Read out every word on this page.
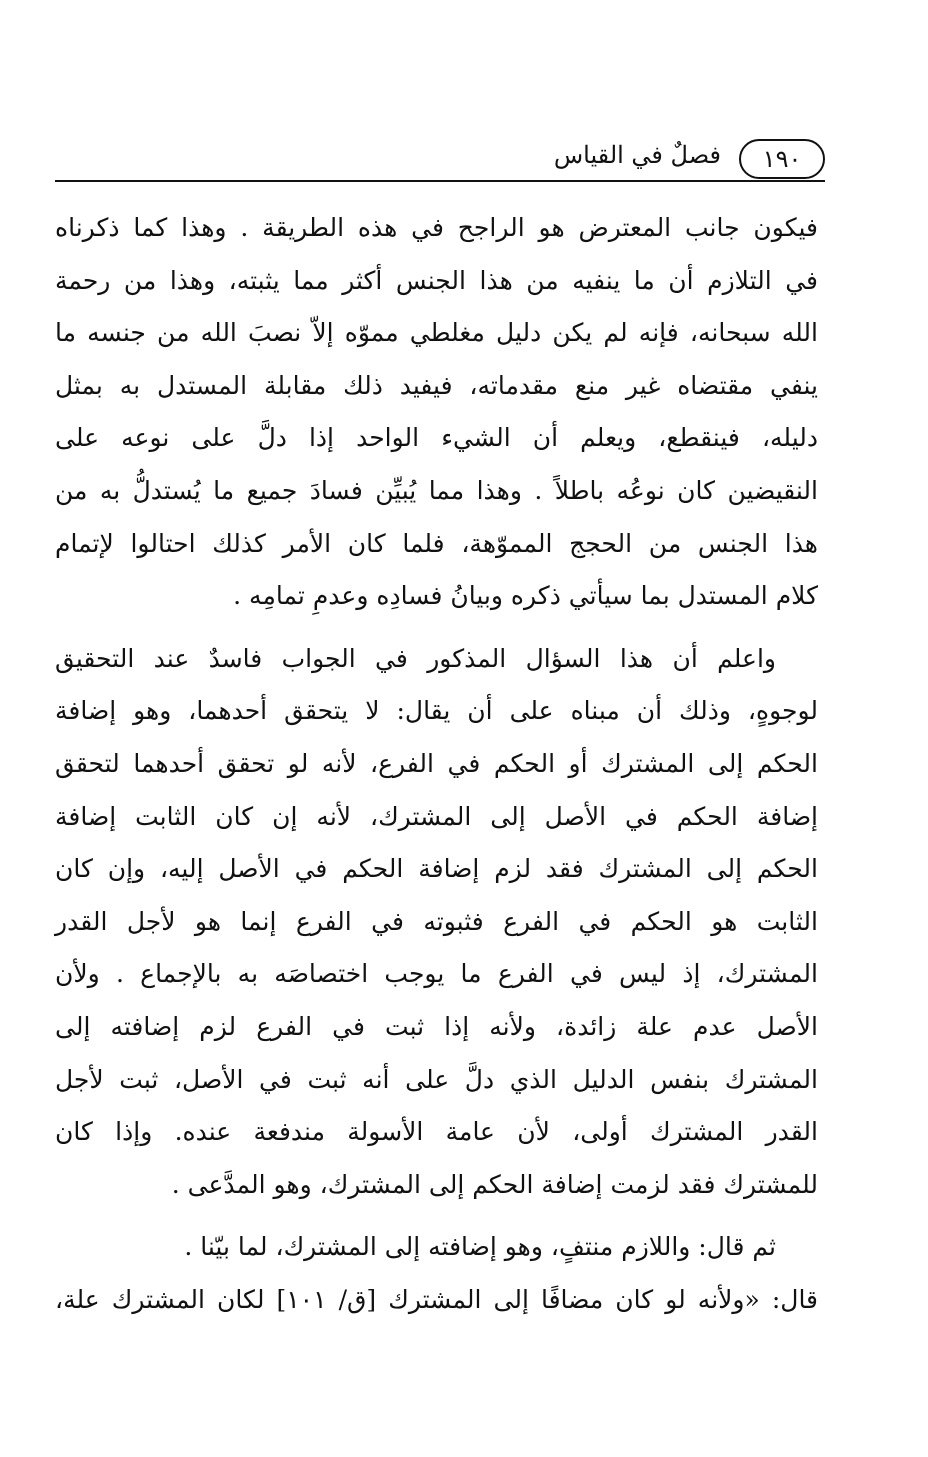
١٩٠
فصلٌ في القياس
فيكون جانب المعترض هو الراجح في هذه الطريقة . وهذا كما ذكرناه
في التلازم أن ما ينفيه من هذا الجنس أكثر مما يثبته، وهذا من رحمة
الله سبحانه، فإنه لم يكن دليل مغلطي مموّه إلاّ نصبَ الله من جنسه ما
ينفي مقتضاه غير منع مقدماته، فيفيد ذلك مقابلة المستدل به بمثل
دليله، فينقطع، ويعلم أن الشيء الواحد إذا دلَّ على نوعه على
النقيضين كان نوعُه باطلاً . وهذا مما يُبيِّن فسادَ جميع ما يُستدلُّ به من
هذا الجنس من الحجج المموّهة، فلما كان الأمر كذلك احتالوا لإتمام
كلام المستدل بما سيأتي ذكره وبيانُ فسادِه وعدمِ تمامِه .
واعلم أن هذا السؤال المذكور في الجواب فاسدٌ عند التحقيق
لوجوهٍ، وذلك أن مبناه على أن يقال: لا يتحقق أحدهما، وهو إضافة
الحكم إلى المشترك أو الحكم في الفرع، لأنه لو تحقق أحدهما لتحقق
إضافة الحكم في الأصل إلى المشترك، لأنه إن كان الثابت إضافة
الحكم إلى المشترك فقد لزم إضافة الحكم في الأصل إليه، وإن كان
الثابت هو الحكم في الفرع فثبوته في الفرع إنما هو لأجل القدر
المشترك، إذ ليس في الفرع ما يوجب اختصاصَه به بالإجماع . ولأن
الأصل عدم علة زائدة، ولأنه إذا ثبت في الفرع لزم إضافته إلى
المشترك بنفس الدليل الذي دلَّ على أنه ثبت في الأصل، ثبت لأجل
القدر المشترك أولى، لأن عامة الأسولة مندفعة عنده. وإذا كان
للمشترك فقد لزمت إضافة الحكم إلى المشترك، وهو المدَّعى .
ثم قال: واللازم منتفٍ، وهو إضافته إلى المشترك، لما بيّنا .
قال: «ولأنه لو كان مضافًا إلى المشترك [ق/ ١٠١] لكان المشترك علة،
